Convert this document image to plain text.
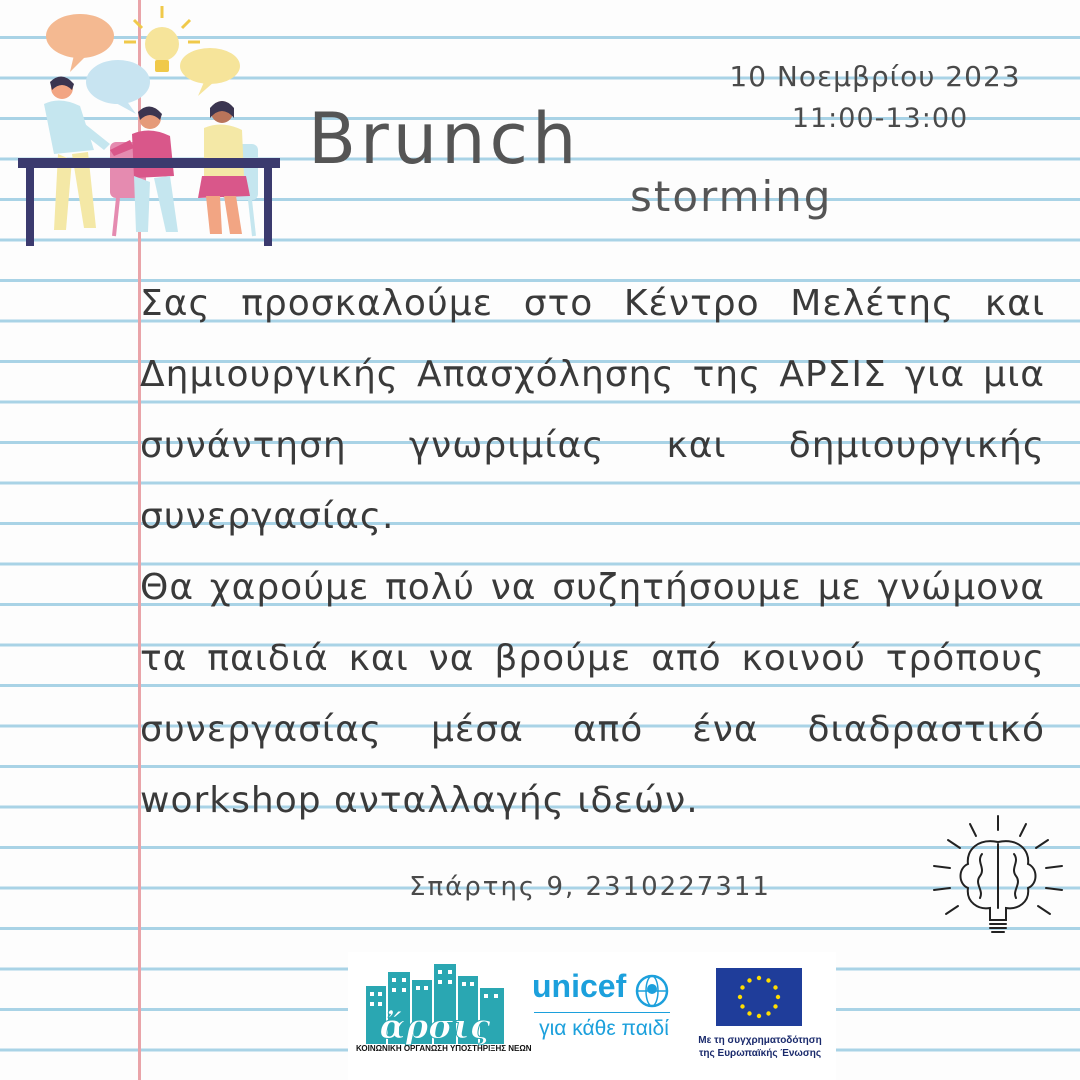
10 Νοεμβρίου 2023
11:00-13:00
Brunch
storming

Σας προσκαλούμε στο Κέντρο Μελέτης και Δημιουργικής Απασχόλησης της ΑΡΣΙΣ για μια συνάντηση γνωριμίας και δημιουργικής συνεργασίας.

Θα χαρούμε πολύ να συζητήσουμε με γνώμονα τα παιδιά και να βρούμε από κοινού τρόπους συνεργασίας μέσα από ένα διαδραστικό workshop ανταλλαγής ιδεών.

Σπάρτης 9, 2310227311
ἄρσις
ΚΟΙΝΩΝΙΚΗ ΟΡΓΑΝΩΣΗ ΥΠΟΣΤΗΡΙΞΗΣ ΝΕΩΝ
unicef
για κάθε παιδί
Με τη συγχρηματοδότηση
της Ευρωπαϊκής Ένωσης
